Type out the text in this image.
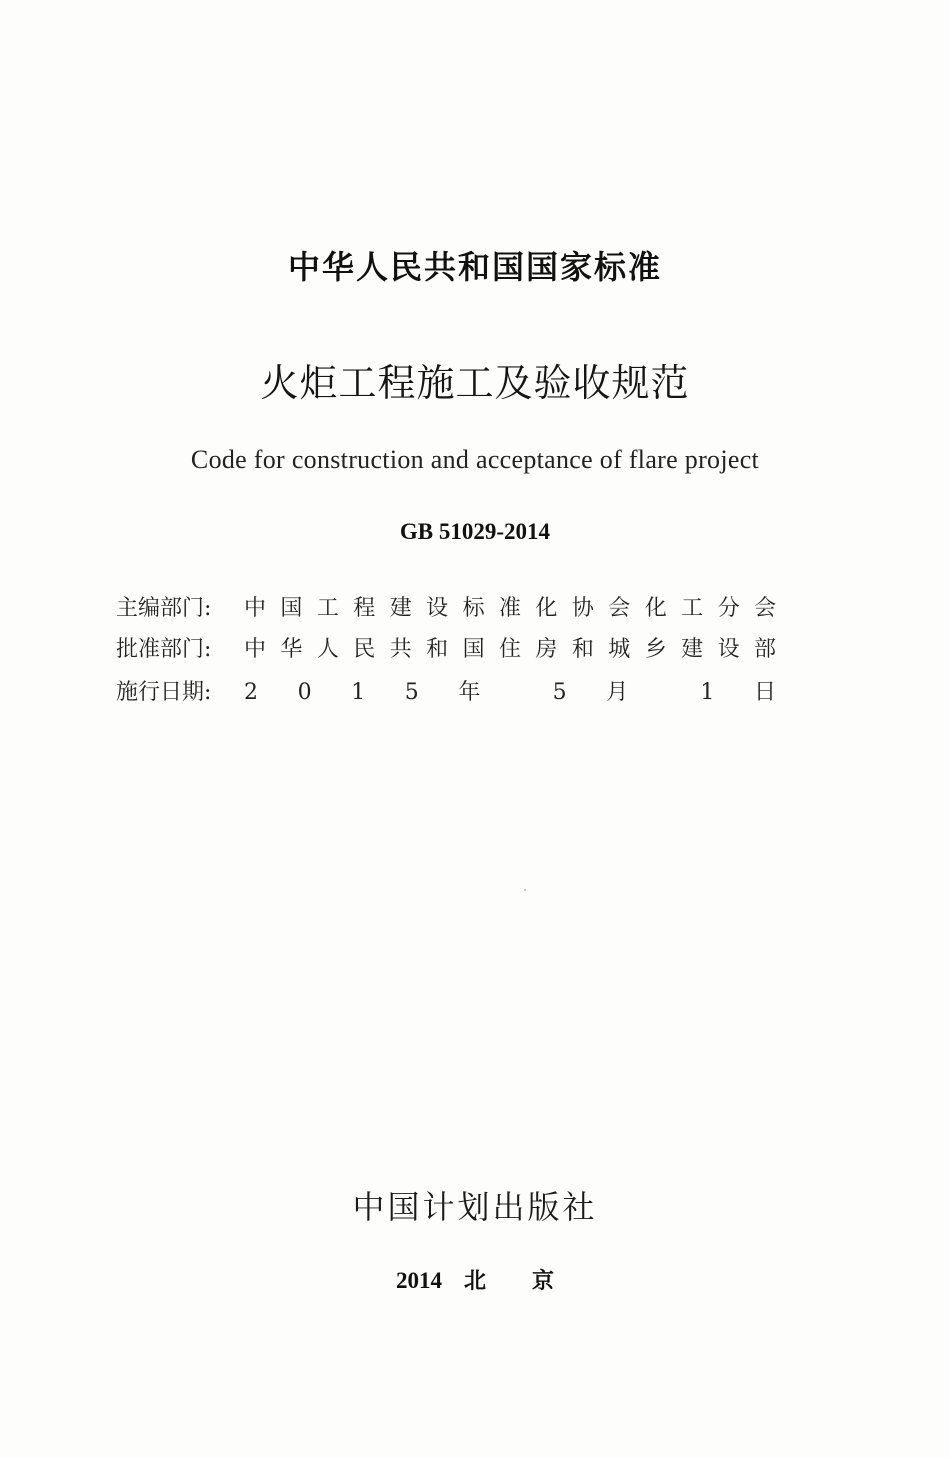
中华人民共和国国家标准
火炬工程施工及验收规范
Code for construction and acceptance of flare project
GB 51029-2014
主编部门: 中 国 工 程 建 设 标 准 化 协 会 化 工 分 会
批准部门: 中 华 人 民 共 和 国 住 房 和 城 乡 建 设 部
施行日期: 2 0 1 5 年 5 月 1 日
中国计划出版社
2014 北京
